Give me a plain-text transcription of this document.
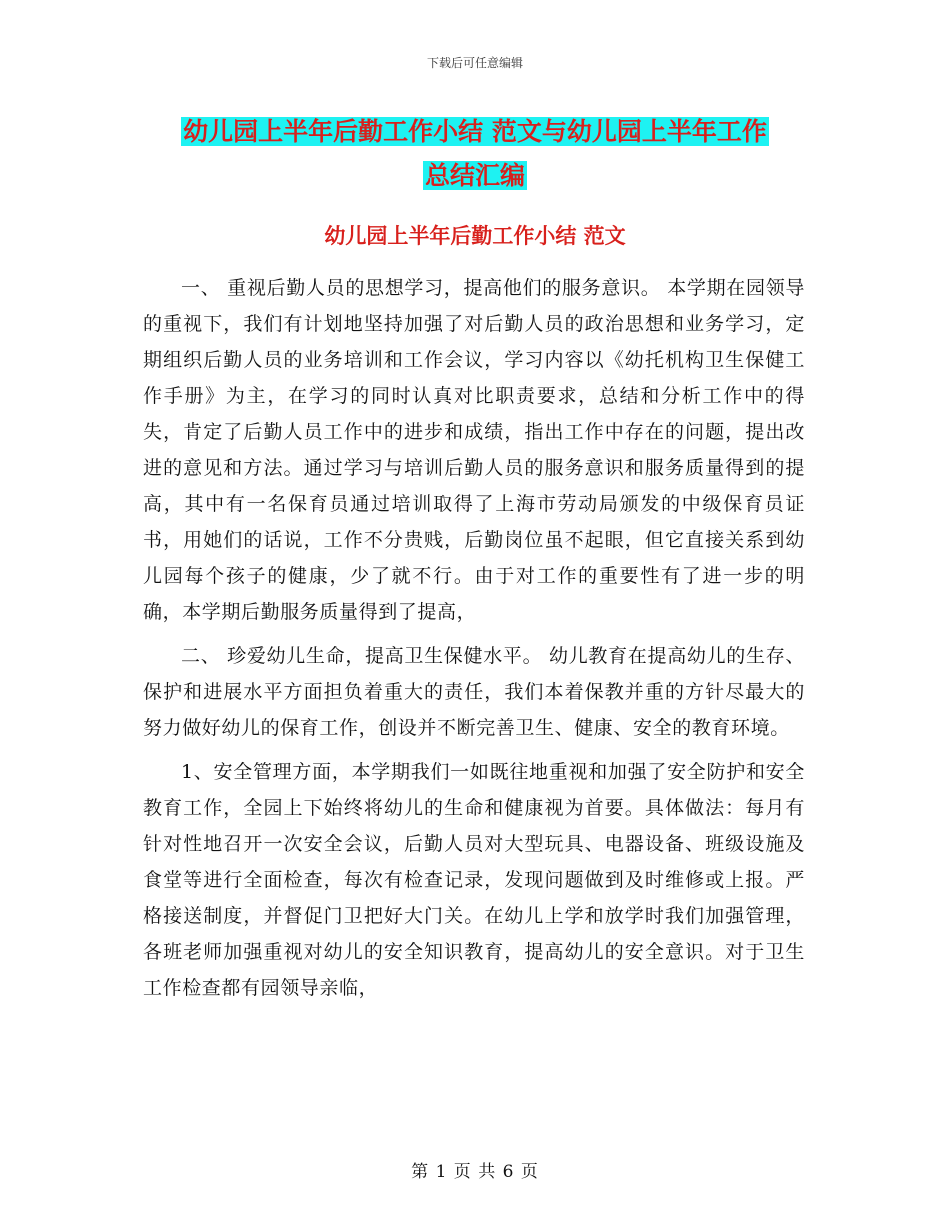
下载后可任意编辑
幼儿园上半年后勤工作小结 范文与幼儿园上半年工作
总结汇编
幼儿园上半年后勤工作小结 范文

一、 重视后勤人员的思想学习，提高他们的服务意识。 本学期在园领导的重视下，我们有计划地坚持加强了对后勤人员的政治思想和业务学习，定期组织后勤人员的业务培训和工作会议，学习内容以《幼托机构卫生保健工作手册》为主，在学习的同时认真对比职责要求，总结和分析工作中的得失，肯定了后勤人员工作中的进步和成绩，指出工作中存在的问题，提出改进的意见和方法。通过学习与培训后勤人员的服务意识和服务质量得到的提高，其中有一名保育员通过培训取得了上海市劳动局颁发的中级保育员证书，用她们的话说，工作不分贵贱，后勤岗位虽不起眼，但它直接关系到幼儿园每个孩子的健康，少了就不行。由于对工作的重要性有了进一步的明确，本学期后勤服务质量得到了提高，

二、 珍爱幼儿生命，提高卫生保健水平。 幼儿教育在提高幼儿的生存、保护和进展水平方面担负着重大的责任，我们本着保教并重的方针尽最大的努力做好幼儿的保育工作，创设并不断完善卫生、健康、安全的教育环境。

1、安全管理方面，本学期我们一如既往地重视和加强了安全防护和安全教育工作，全园上下始终将幼儿的生命和健康视为首要。具体做法：每月有针对性地召开一次安全会议，后勤人员对大型玩具、电器设备、班级设施及食堂等进行全面检查，每次有检查记录，发现问题做到及时维修或上报。严格接送制度，并督促门卫把好大门关。在幼儿上学和放学时我们加强管理，各班老师加强重视对幼儿的安全知识教育，提高幼儿的安全意识。对于卫生工作检查都有园领导亲临，

第 1 页 共 6 页
